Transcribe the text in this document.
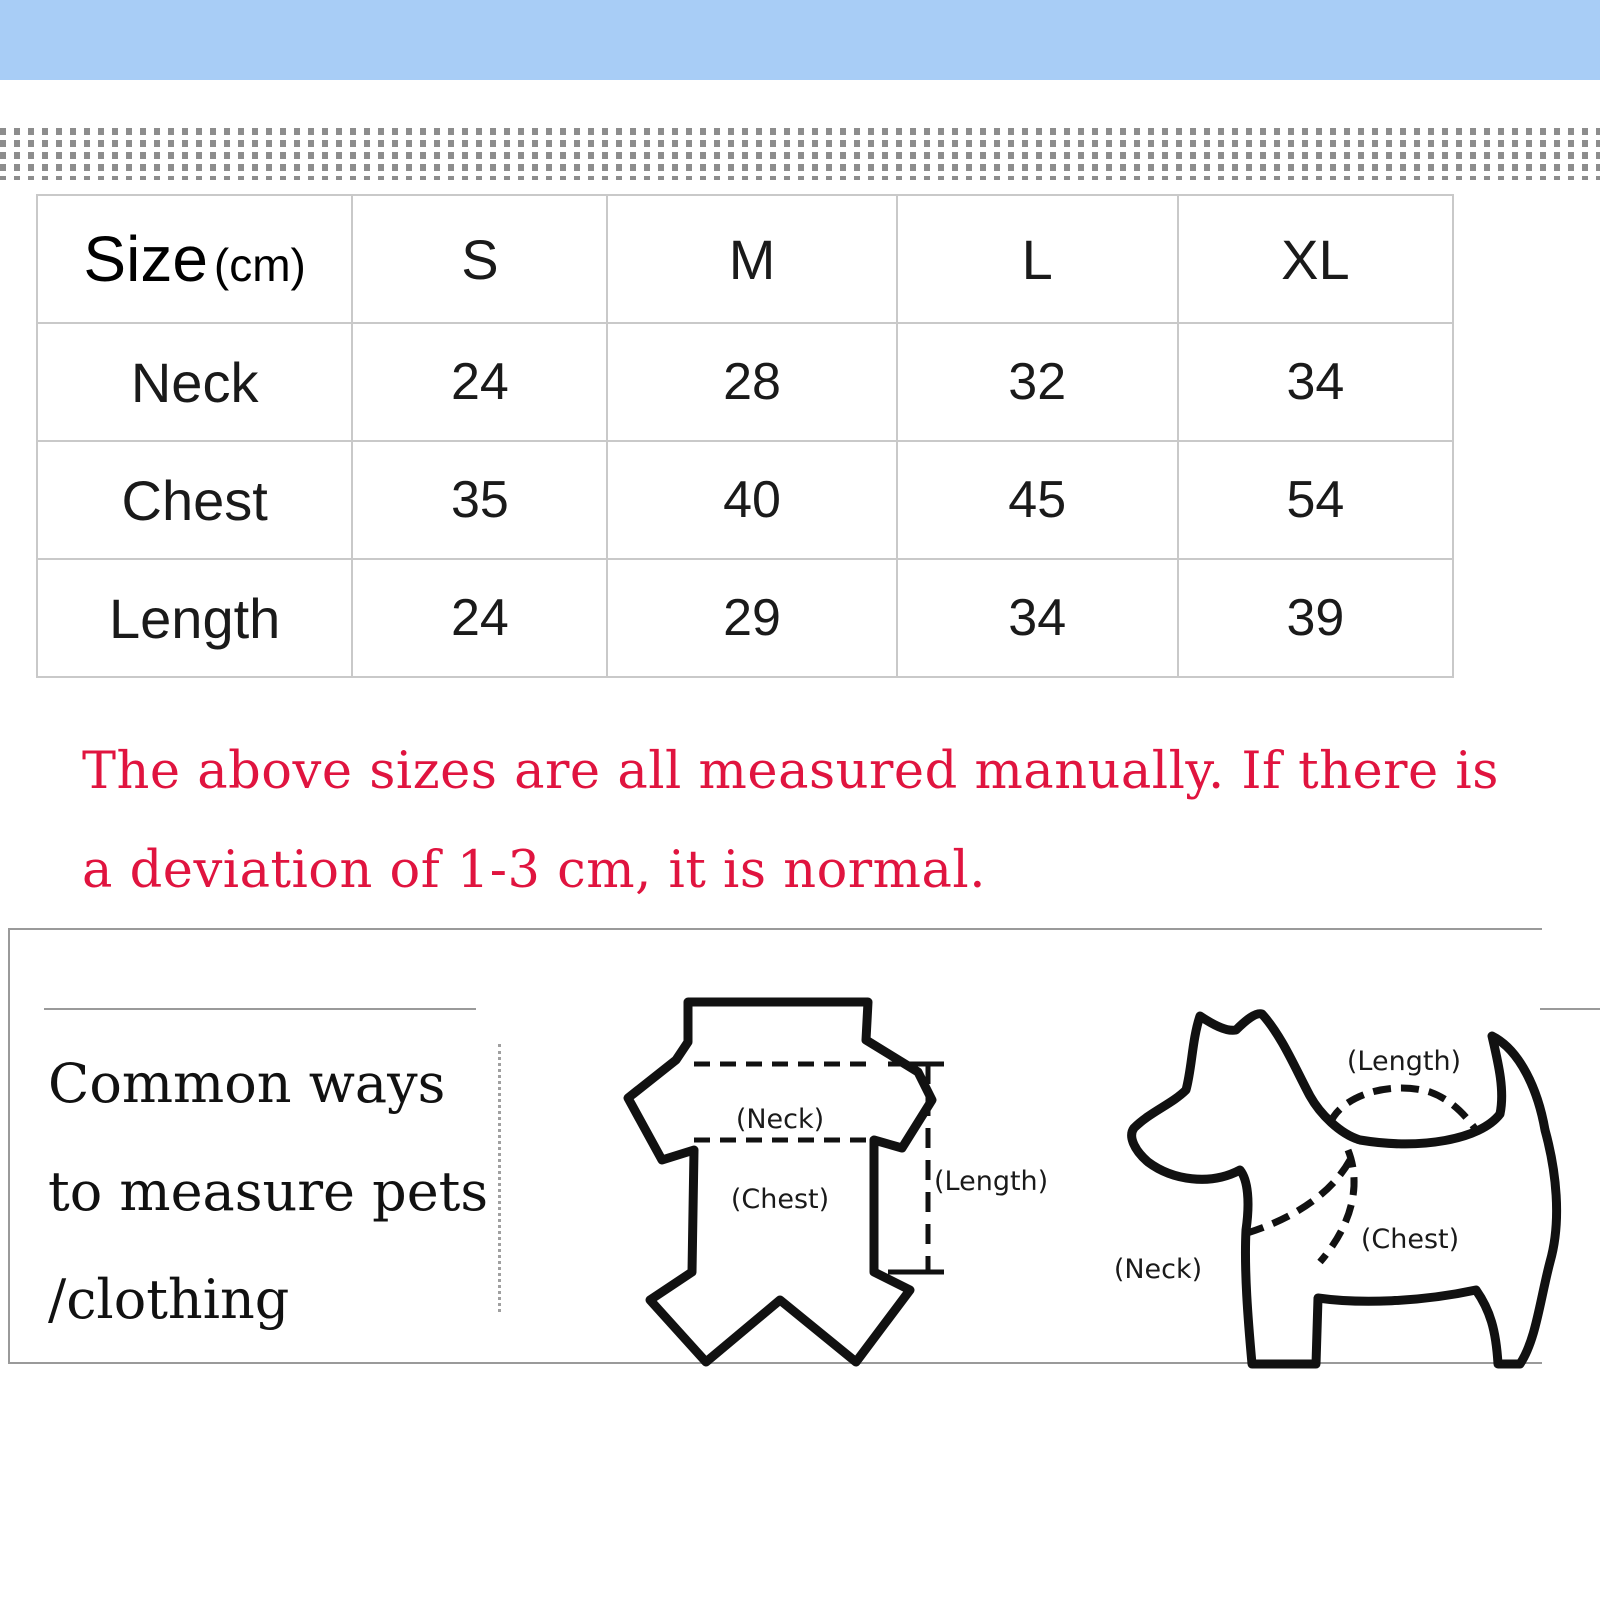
Size (cm)	S	M	L	XL
Neck	24	28	32	34
Chest	35	40	45	54
Length	24	29	34	39

The above sizes are all measured manually. If there is
a deviation of 1-3 cm, it is normal.

Common ways
to measure pets
/clothing

(Neck)
(Chest)
(Length)
(Length)
(Chest)
(Neck)
